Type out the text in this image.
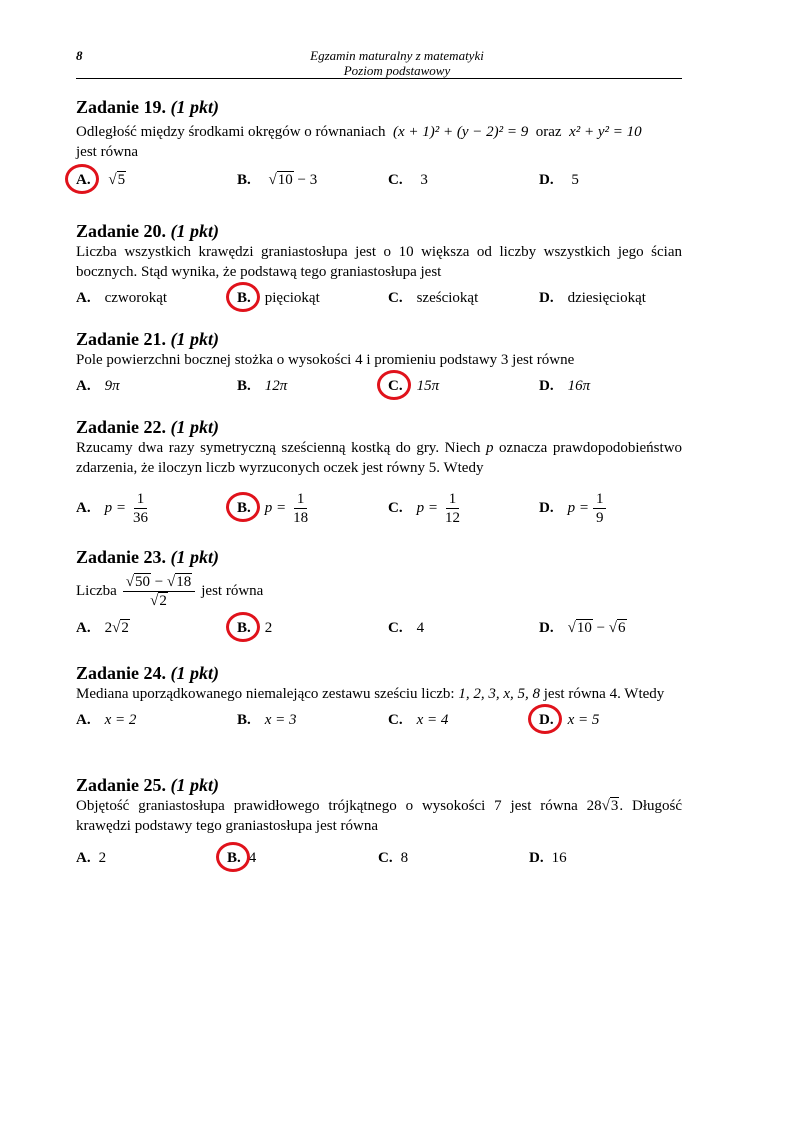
8	Egzamin maturalny z matematyki
Poziom podstawowy
Zadanie 19. (1 pkt)
Odległość między środkami okręgów o równaniach (x + 1)² + (y − 2)² = 9 oraz x² + y² = 10
jest równa
A. √5	B. √10 − 3	C. 3	D. 5
Zadanie 20. (1 pkt)
Liczba wszystkich krawędzi graniastosłupa jest o 10 większa od liczby wszystkich jego ścian bocznych. Stąd wynika, że podstawą tego graniastosłupa jest
A. czworokąt	B. pięciokąt	C. sześciokąt	D. dziesięciokąt
Zadanie 21. (1 pkt)
Pole powierzchni bocznej stożka o wysokości 4 i promieniu podstawy 3 jest równe
A. 9π	B. 12π	C. 15π	D. 16π
Zadanie 22. (1 pkt)
Rzucamy dwa razy symetryczną sześcienną kostką do gry. Niech p oznacza prawdopodobieństwo zdarzenia, że iloczyn liczb wyrzuconych oczek jest równy 5. Wtedy
A. $p = \frac{1}{36}$	B. $p = \frac{1}{18}$	C. $p = \frac{1}{12}$	D. $p = \frac{1}{9}$
Zadanie 23. (1 pkt)
Liczba $\frac{√50 - √18}{√2}$ jest równa
A. 2√2	B. 2	C. 4	D. √10 − √6
Zadanie 24. (1 pkt)
Mediana uporządkowanego niemalejąco zestawu sześciu liczb: 1, 2, 3, x, 5, 8 jest równa 4. Wtedy
A. x = 2	B. x = 3	C. x = 4	D. x = 5
Zadanie 25. (1 pkt)
Objętość graniastosłupa prawidłowego trójkątnego o wysokości 7 jest równa 28√3. Długość krawędzi podstawy tego graniastosłupa jest równa
A. 2	B. 4	C. 8	D. 16
